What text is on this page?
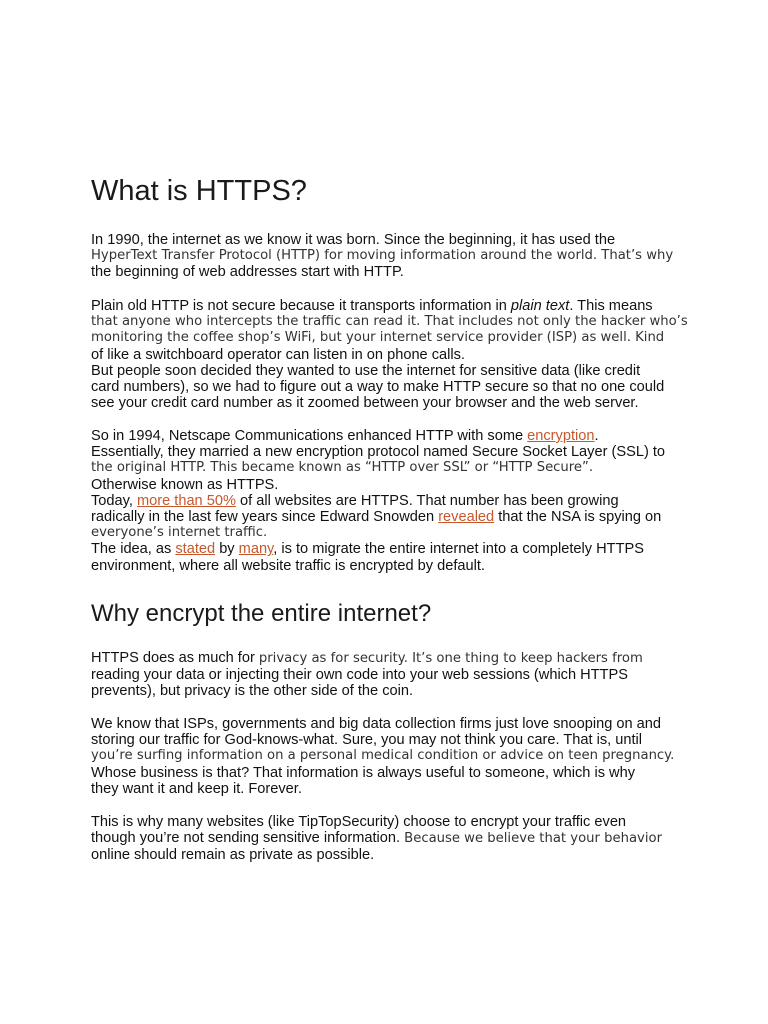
What is HTTPS?
In 1990, the internet as we know it was born. Since the beginning, it has used the
HyperText Transfer Protocol (HTTP) for moving information around the world. That’s why
the beginning of web addresses start with HTTP.
Plain old HTTP is not secure because it transports information in plain text. This means
that anyone who intercepts the traffic can read it. That includes not only the hacker who’s
monitoring the coffee shop’s WiFi, but your internet service provider (ISP) as well. Kind
of like a switchboard operator can listen in on phone calls.
But people soon decided they wanted to use the internet for sensitive data (like credit
card numbers), so we had to figure out a way to make HTTP secure so that no one could
see your credit card number as it zoomed between your browser and the web server.
So in 1994, Netscape Communications enhanced HTTP with some encryption.
Essentially, they married a new encryption protocol named Secure Socket Layer (SSL) to
the original HTTP. This became known as “HTTP over SSL” or “HTTP Secure”.
Otherwise known as HTTPS.
Today, more than 50% of all websites are HTTPS. That number has been growing
radically in the last few years since Edward Snowden revealed that the NSA is spying on
everyone’s internet traffic.
The idea, as stated by many, is to migrate the entire internet into a completely HTTPS
environment, where all website traffic is encrypted by default.
Why encrypt the entire internet?
HTTPS does as much for privacy as for security. It’s one thing to keep hackers from
reading your data or injecting their own code into your web sessions (which HTTPS
prevents), but privacy is the other side of the coin.
We know that ISPs, governments and big data collection firms just love snooping on and
storing our traffic for God-knows-what. Sure, you may not think you care. That is, until
you’re surfing information on a personal medical condition or advice on teen pregnancy.
Whose business is that? That information is always useful to someone, which is why
they want it and keep it. Forever.
This is why many websites (like TipTopSecurity) choose to encrypt your traffic even
though you’re not sending sensitive information. Because we believe that your behavior
online should remain as private as possible.
